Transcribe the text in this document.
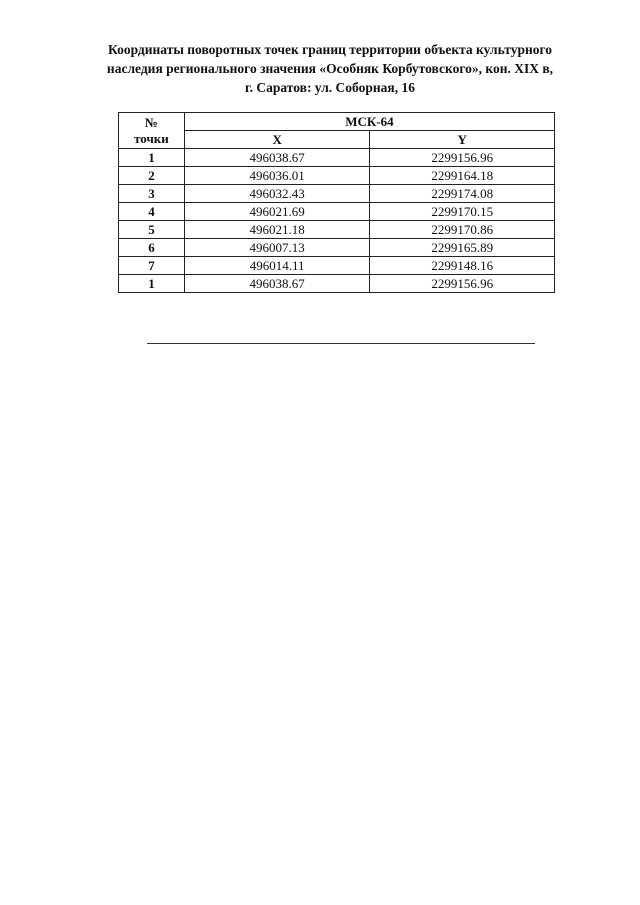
Координаты поворотных точек границ территории объекта культурного
наследия регионального значения «Особняк Корбутовского», кон. XIX в,
г. Саратов: ул. Соборная, 16
№
точки	МСК-64	
	X	Y
1	496038.67	2299156.96
2	496036.01	2299164.18
3	496032.43	2299174.08
4	496021.69	2299170.15
5	496021.18	2299170.86
6	496007.13	2299165.89
7	496014.11	2299148.16
1	496038.67	2299156.96
